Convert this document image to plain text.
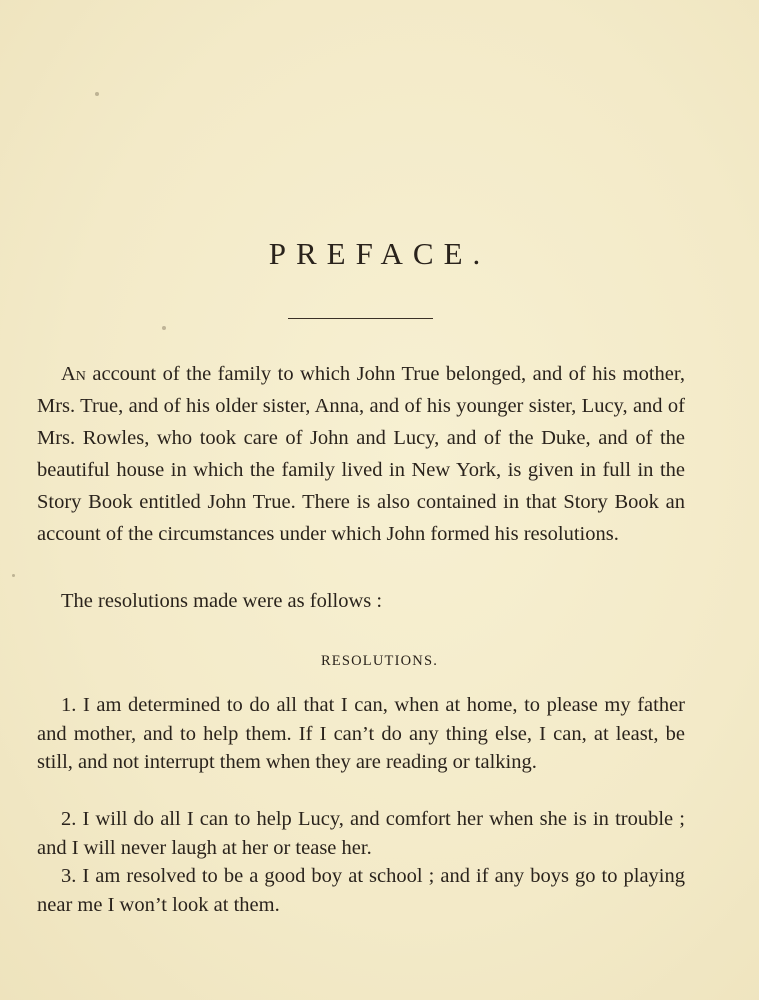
PREFACE.
An account of the family to which John True belonged, and of his mother, Mrs. True, and of his older sister, Anna, and of his younger sister, Lucy, and of Mrs. Rowles, who took care of John and Lucy, and of the Duke, and of the beautiful house in which the family lived in New York, is given in full in the Story Book entitled John True. There is also contained in that Story Book an account of the circumstances under which John formed his resolutions.
The resolutions made were as follows :
RESOLUTIONS.
1. I am determined to do all that I can, when at home, to please my father and mother, and to help them. If I can’t do any thing else, I can, at least, be still, and not interrupt them when they are reading or talking.
2. I will do all I can to help Lucy, and comfort her when she is in trouble ; and I will never laugh at her or tease her.
3. I am resolved to be a good boy at school ; and if any boys go to playing near me I won’t look at them.
